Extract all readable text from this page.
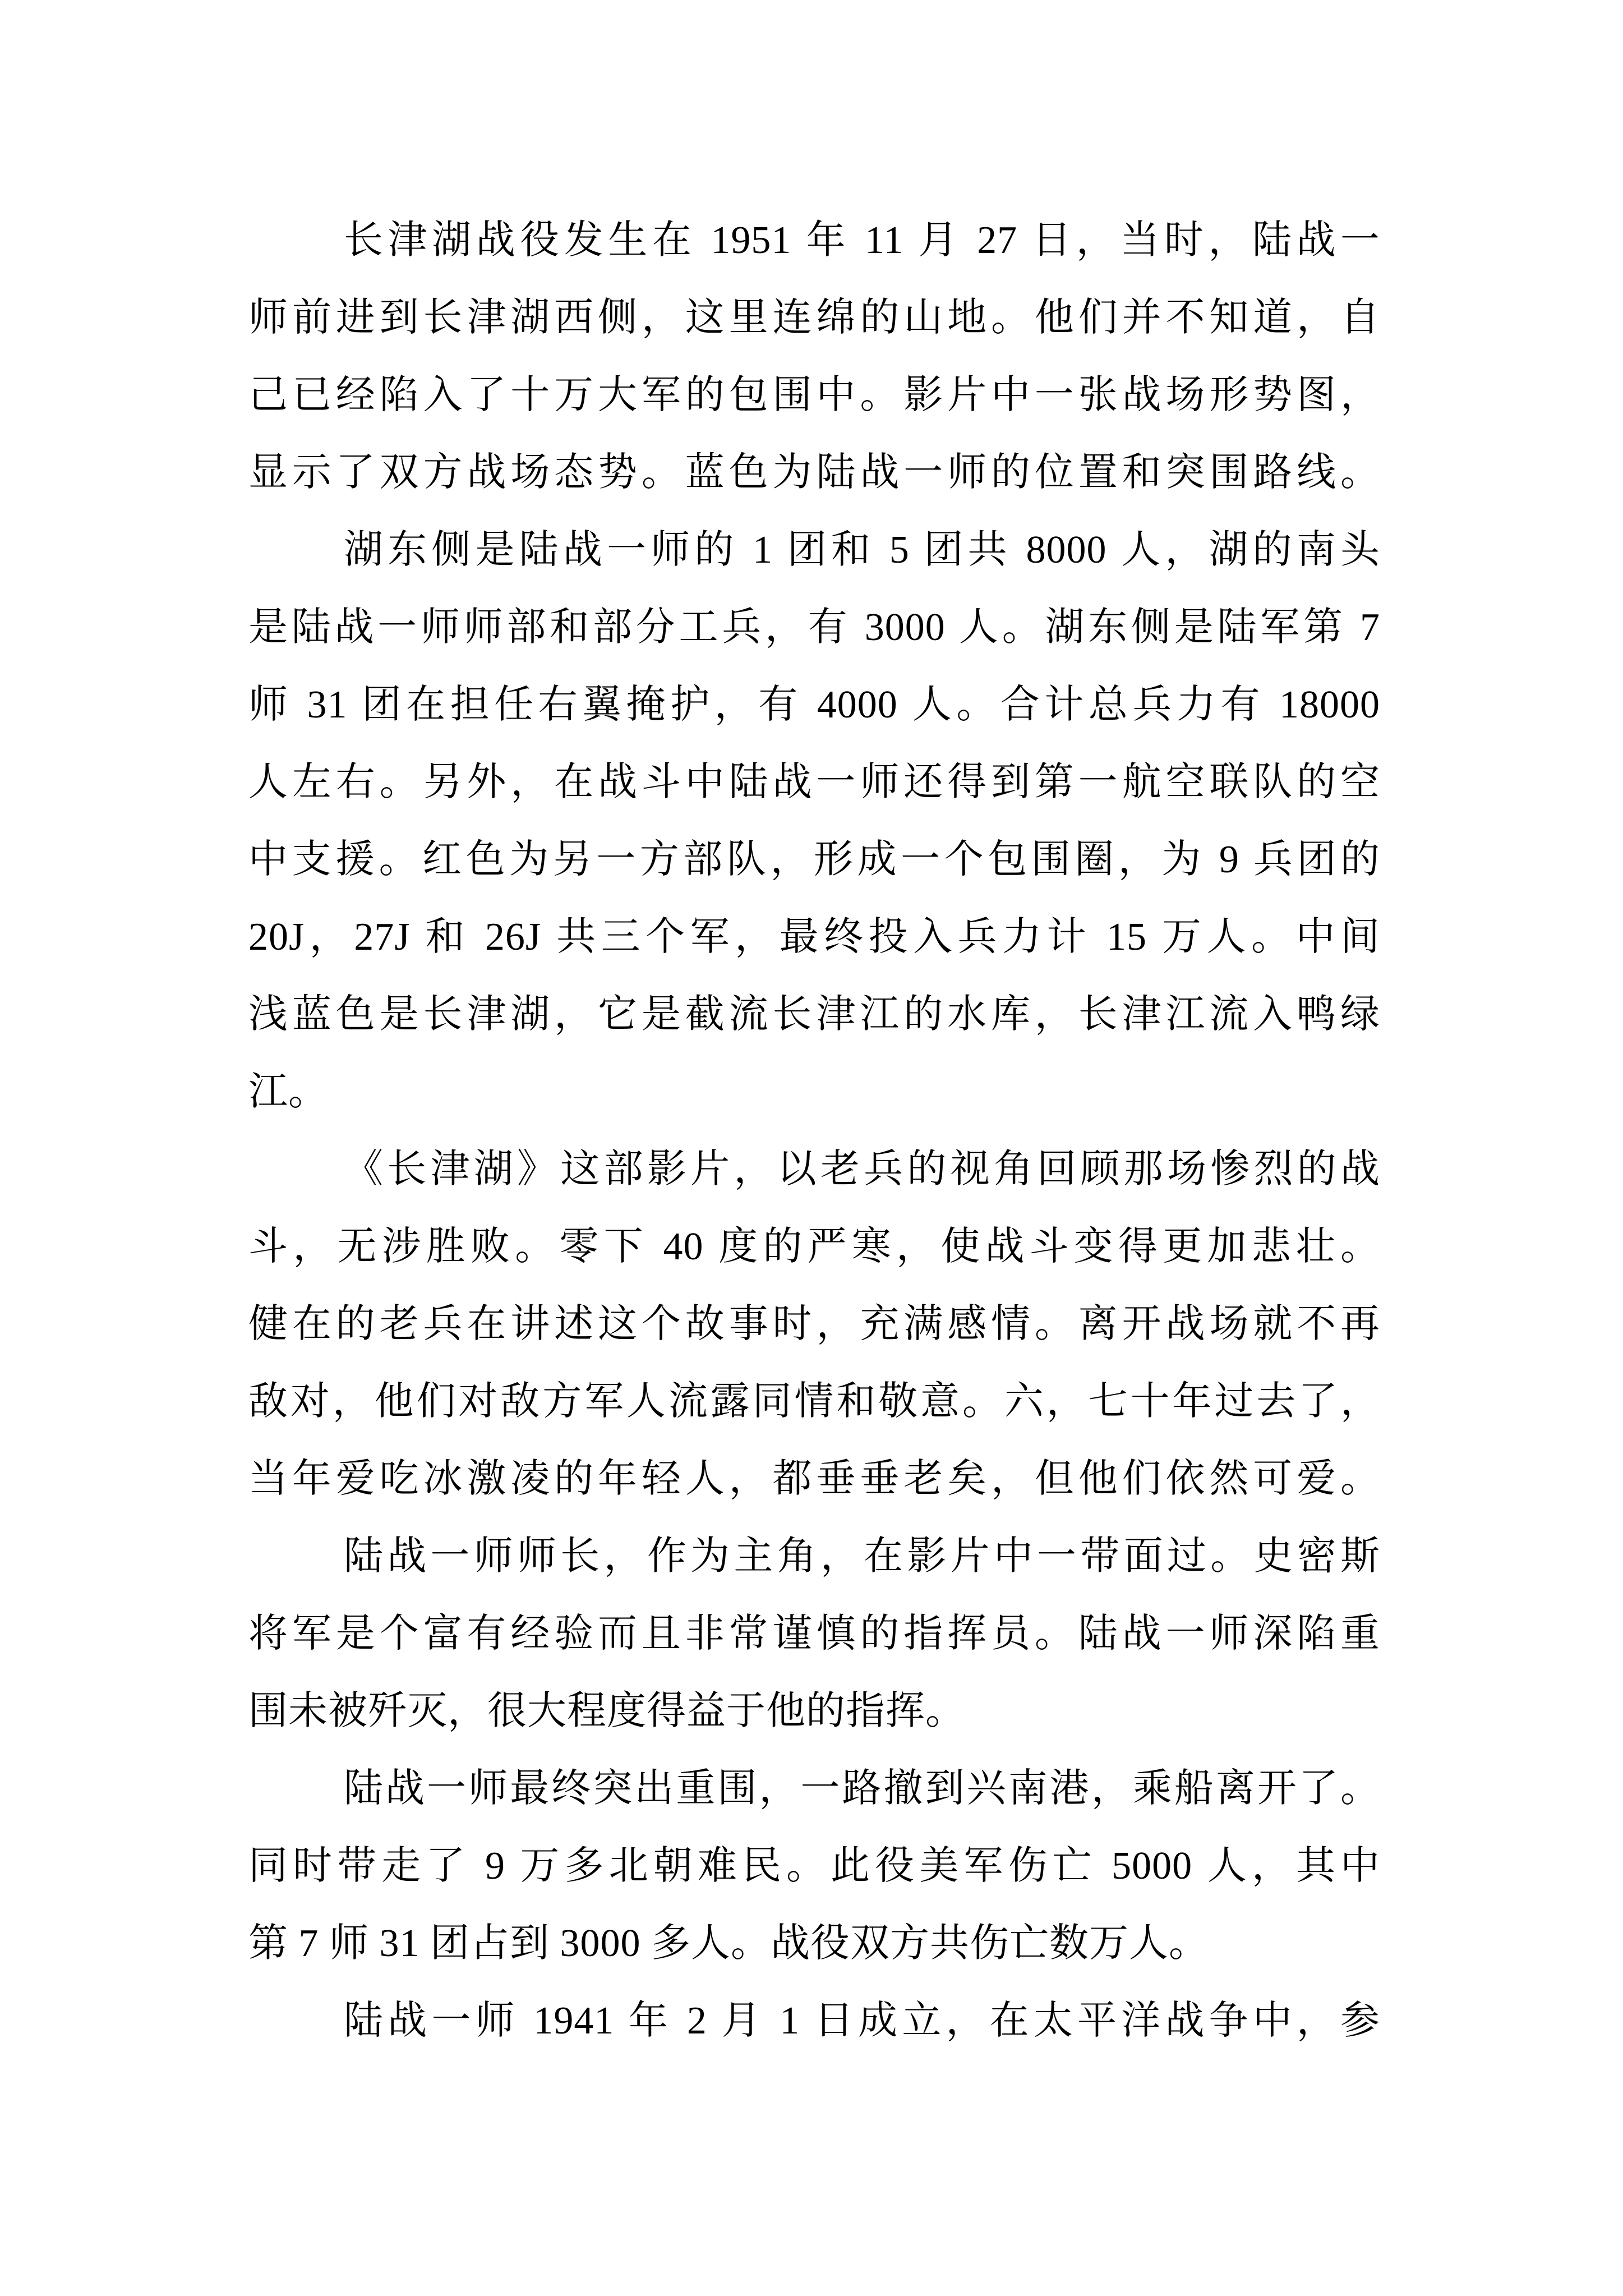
长津湖战役发生在 1951 年 11 月 27 日，当时，陆战一
师前进到长津湖西侧，这里连绵的山地。他们并不知道，自
己已经陷入了十万大军的包围中。影片中一张战场形势图，
显示了双方战场态势。蓝色为陆战一师的位置和突围路线。
湖东侧是陆战一师的 1 团和 5 团共 8000 人，湖的南头
是陆战一师师部和部分工兵，有 3000 人。湖东侧是陆军第 7
师 31 团在担任右翼掩护，有 4000 人。合计总兵力有 18000
人左右。另外，在战斗中陆战一师还得到第一航空联队的空
中支援。红色为另一方部队，形成一个包围圈，为 9 兵团的
20J，27J 和 26J 共三个军，最终投入兵力计 15 万人。中间
浅蓝色是长津湖，它是截流长津江的水库，长津江流入鸭绿
江。
《长津湖》这部影片，以老兵的视角回顾那场惨烈的战
斗，无涉胜败。零下 40 度的严寒，使战斗变得更加悲壮。
健在的老兵在讲述这个故事时，充满感情。离开战场就不再
敌对，他们对敌方军人流露同情和敬意。六，七十年过去了，
当年爱吃冰激凌的年轻人，都垂垂老矣，但他们依然可爱。
陆战一师师长，作为主角，在影片中一带面过。史密斯
将军是个富有经验而且非常谨慎的指挥员。陆战一师深陷重
围未被歼灭，很大程度得益于他的指挥。
陆战一师最终突出重围，一路撤到兴南港，乘船离开了。
同时带走了 9 万多北朝难民。此役美军伤亡 5000 人，其中
第 7 师 31 团占到 3000 多人。战役双方共伤亡数万人。
陆战一师 1941 年 2 月 1 日成立，在太平洋战争中，参
